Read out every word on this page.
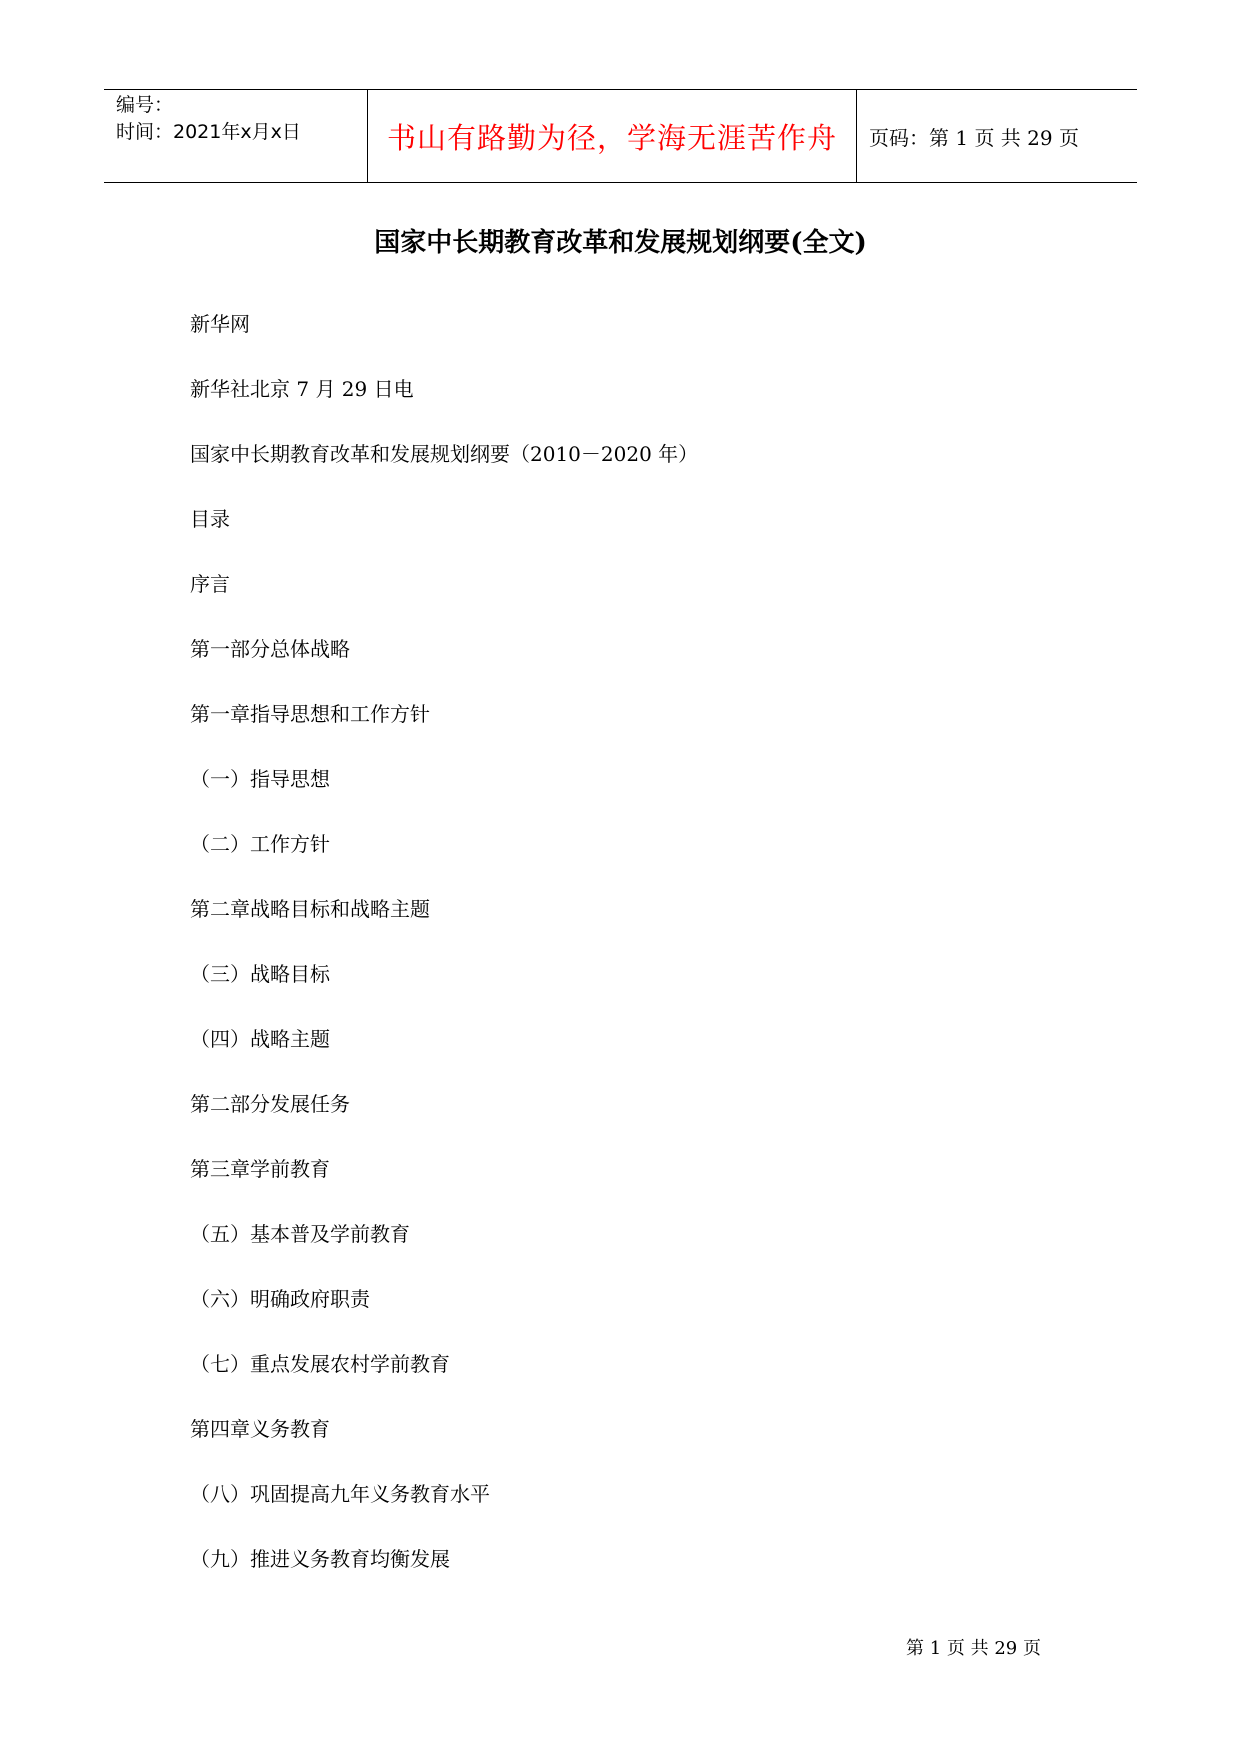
编号：
时间：2021年x月x日	书山有路勤为径，学海无涯苦作舟 页码：第 1 页 共 29 页
国家中长期教育改革和发展规划纲要(全文)
新华网
新华社北京 7 月 29 日电
国家中长期教育改革和发展规划纲要（2010－2020 年）
目录
序言
第一部分总体战略
第一章指导思想和工作方针
（一）指导思想
（二）工作方针
第二章战略目标和战略主题
（三）战略目标
（四）战略主题
第二部分发展任务
第三章学前教育
（五）基本普及学前教育
（六）明确政府职责
（七）重点发展农村学前教育
第四章义务教育
（八）巩固提高九年义务教育水平
（九）推进义务教育均衡发展
第 1 页 共 29 页
